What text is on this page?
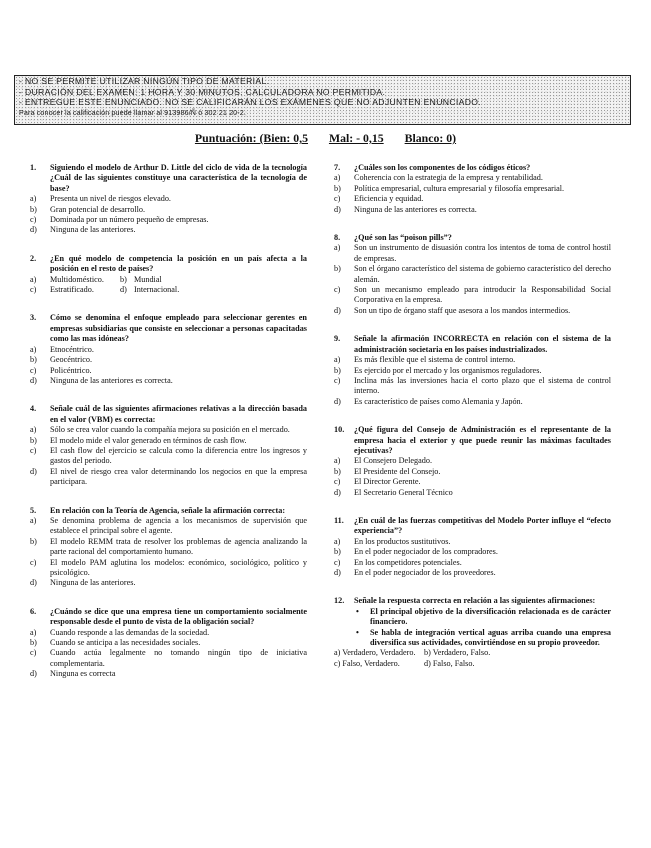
- NO SE PERMITE UTILIZAR NINGÚN TIPO DE MATERIAL.
- DURACIÓN DEL EXAMEN: 1 HORA Y 30 MINUTOS. CALCULADORA NO PERMITIDA.
- ENTREGUE ESTE ENUNCIADO. NO SE CALIFICARÁN LOS EXÁMENES QUE NO ADJUNTEN ENUNCIADO.
Para conocer la calificación puede llamar al 913986/Ñ ó 302 21 20-2.
Puntuación: (Bien: 0,5 Mal: - 0,15 Blanco: 0)
1.	Siguiendo el modelo de Arthur D. Little del ciclo de vida de la tecnología ¿Cuál de las siguientes constituye una característica de la tecnología de base?
a)	Presenta un nivel de riesgos elevado.
b)	Gran potencial de desarrollo.
c)	Dominada por un número pequeño de empresas.
d)	Ninguna de las anteriores.
2.	¿En qué modelo de competencia la posición en un país afecta a la posición en el resto de países?
a)	Multidoméstico. b) Mundial
c)	Estratificado.	d) Internacional.
3.	Cómo se denomina el enfoque empleado para seleccionar gerentes en empresas subsidiarias que consiste en seleccionar a personas capacitadas como las mas idóneas?
a)	Etnocéntrico.
b)	Geocéntrico.
c)	Policéntrico.
d)	Ninguna de las anteriores es correcta.
4.	Señale cuál de las siguientes afirmaciones relativas a la dirección basada en el valor (VBM) es correcta:
a)	Sólo se crea valor cuando la compañía mejora su posición en el mercado.
b)	El modelo mide el valor generado en términos de cash flow.
c)	El cash flow del ejercicio se calcula como la diferencia entre los ingresos y gastos del periodo.
d)	El nivel de riesgo crea valor determinando los negocios en que la empresa participara.
5.	En relación con la Teoría de Agencia, señale la afirmación correcta:
a)	Se denomina problema de agencia a los mecanismos de supervisión que establece el principal sobre el agente.
b)	El modelo REMM trata de resolver los problemas de agencia analizando la parte racional del comportamiento humano.
c)	El modelo PAM aglutina los modelos: económico, sociológico, político y psicológico.
d)	Ninguna de las anteriores.
6.	¿Cuándo se dice que una empresa tiene un comportamiento socialmente responsable desde el punto de vista de la obligación social?
a)	Cuando responde a las demandas de la sociedad.
b)	Cuando se anticipa a las necesidades sociales.
c)	Cuando actúa legalmente no tomando ningún tipo de iniciativa complementaria.
d)	Ninguna es correcta
7.	¿Cuáles son los componentes de los códigos éticos?
a)	Coherencia con la estrategia de la empresa y rentabilidad.
b)	Política empresarial, cultura empresarial y filosofía empresarial.
c)	Eficiencia y equidad.
d)	Ninguna de las anteriores es correcta.
8.	¿Qué son las “poison pills”?
a)	Son un instrumento de disuasión contra los intentos de toma de control hostil de empresas.
b)	Son el órgano característico del sistema de gobierno característico del derecho alemán.
c)	Son un mecanismo empleado para introducir la Responsabilidad Social Corporativa en la empresa.
d)	Son un tipo de órgano staff que asesora a los mandos intermedios.
9.	Señale la afirmación INCORRECTA en relación con el sistema de la administración societaria en los países industrializados.
a)	Es más flexible que el sistema de control interno.
b)	Es ejercido por el mercado y los organismos reguladores.
c)	Inclina más las inversiones hacia el corto plazo que el sistema de control interno.
d)	Es característico de países como Alemania y Japón.
10.	¿Qué figura del Consejo de Administración es el representante de la empresa hacia el exterior y que puede reunir las máximas facultades ejecutivas?
a)	El Consejero Delegado.
b)	El Presidente del Consejo.
c)	El Director Gerente.
d)	El Secretario General Técnico
11.	¿En cuál de las fuerzas competitivas del Modelo Porter influye el “efecto experiencia”?
a)	En los productos sustitutivos.
b)	En el poder negociador de los compradores.
c)	En los competidores potenciales.
d)	En el poder negociador de los proveedores.
12.	Señale la respuesta correcta en relación a las siguientes afirmaciones:
•	El principal objetivo de la diversificación relacionada es de carácter financiero.
•	Se habla de integración vertical aguas arriba cuando una empresa diversifica sus actividades, convirtiéndose en su propio proveedor.
a) Verdadero, Verdadero.	b) Verdadero, Falso.
c) Falso, Verdadero.	d) Falso, Falso.
